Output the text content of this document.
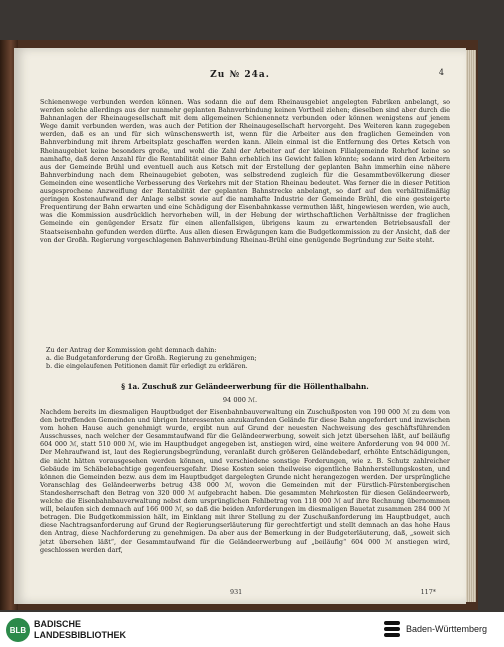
Zu № 24a.	4
Schienenwege verbunden werden können. Was sodann die auf dem Rheinausgebiet angelegten Fabriken anbelangt, so werden solche allerdings aus der nunmehr geplanten Bahnverbindung keinen Vortheil ziehen; dieselben sind aber durch die Bahnanlagen der Rheinaugesellschaft mit dem allgemeinen Schienennetz verbunden oder können wenigstens auf jenem Wege damit verbunden werden, was auch der Petition der Rheinaugesellschaft hervorgeht. Des Weiteren kann zugegeben werden, daß es an und für sich wünschenswerth ist, wenn für die Arbeiter aus den fraglichen Gemeinden von Bahnverbindung mit ihrem Arbeitsplatz geschaffen werden kann. Allein einmal ist die Entfernung des Ortes Ketsch von Rheinaugebiet keine besonders große, und wohl die Zahl der Arbeiter auf der kleinen Filialgemeinde Rohrhof keine so namhafte, daß deren Anzahl für die Rentabilität einer Bahn erheblich ins Gewicht fallen könnte; sodann wird den Arbeitern aus der Gemeinde Brühl und eventuell auch aus Ketsch mit der Erstellung der geplanten Bahn immerhin eine nähere Bahnverbindung nach dem Rheinaugebiet geboten, was selbstredend zugleich für die Gesammtbevölkerung dieser Gemeinden eine wesentliche Verbesserung des Verkehrs mit der Station Rheinau bedeutet. Was ferner die in dieser Petition ausgesprochene Anzweiflung der Rentabilität der geplanten Bahnstrecke anbelangt, so darf auf den verhältnißmäßig geringen Kostenaufwand der Anlage selbst sowie auf die namhafte Industrie der Gemeinde Brühl, die eine gesteigerte Frequentirung der Bahn erwarten und eine Schädigung der Eisenbahnkasse vermuthen läßt, hingewiesen werden, wie auch, was die Kommission ausdrücklich hervorheben will, in der Hebung der wirthschaftlichen Verhältnisse der fraglichen Gemeinde ein genügender Ersatz für einen allenfallsigen, übrigens kaum zu erwartenden Betriebsausfall der Staatseisenbahn gefunden werden dürfte. Aus allen diesen Erwägungen kam die Budgetkommission zu der Ansicht, daß der von der Großh. Regierung vorgeschlagenen Bahnverbindung Rheinau-Brühl eine genügende Begründung zur Seite steht.
Zu der Antrag der Kommission geht demnach dahin:
a. die Budgetanforderung der Großh. Regierung zu genehmigen;
b. die eingelaufenen Petitionen damit für erledigt zu erklären.
§ 1a. Zuschuß zur Geländeerwerbung für die Höllenthalbahn.
94 000 ℳ.
Nachdem bereits im diesmaligen Hauptbudget der Eisenbahnbauverwaltung ein Zuschußposten von 190 000 ℳ zu dem von den betreffenden Gemeinden und übrigen Interessenten anzukaufenden Gelände für diese Bahn angefordert und inzwischen vom hohen Hause auch genehmigt wurde, ergibt nun auf Grund der neuesten Nachweisung des geschäftsführenden Ausschusses, nach welcher der Gesammtaufwand für die Geländeerwerbung, soweit sich jetzt übersehen läßt, auf beiläufig 604 000 ℳ, statt 510 000 ℳ, wie im Hauptbudget angegeben ist, anstiegen wird, eine weitere Anforderung von 94 000 ℳ. Der Mehraufwand ist, laut des Regierungsbegründung, veranlaßt durch größeren Geländebedarf, erhöhte Entschädigungen, die nicht hätten vorausgesehen werden können, und verschiedene sonstige Forderungen, wie z. B. Schutz zahlreicher Gebäude im Schäbelebachtige gegenfeuersgefahr. Diese Kosten seien theilweise eigentliche Bahnherstellungskosten, und können die Gemeinden bezw. aus dem im Hauptbudget dargelegten Grunde nicht herangezogen werden. Der ursprüngliche Voranschlag des Geländeerwerbs betrug 438 000 ℳ, wovon die Gemeinden mit der Fürstlich-Fürstenbergischen Standesherrschaft den Betrag von 320 000 ℳ aufgebracht haben. Die gesammten Mehrkosten für diesen Geländeerwerb, welche die Eisenbahnbauverwaltung nebst dem ursprünglichen Fehlbetrag von 118 000 ℳ auf ihre Rechnung übernommen will, belaufen sich demnach auf 166 000 ℳ, so daß die beiden Anforderungen im diesmaligen Bauetat zusammen 284 000 ℳ betragen. Die Budgetkommission hält, im Einklang mit ihrer Stellung zu der Zuschußanforderung im Hauptbudget, auch diese Nachtragsanforderung auf Grund der Regierungserläuterung für gerechtfertigt und stellt demnach an das hohe Haus den Antrag, diese Nachforderung zu genehmigen. Da aber aus der Bemerkung in der Budgeterläuterung, daß, „soweit sich jetzt übersehen läßt“, der Gesammtaufwand für die Geländeerwerbung auf „beiläufig“ 604 000 ℳ anstiegen wird, geschlossen werden darf,
931	117*
BLB
BADISCHE
LANDESBIBLIOTHEK
Baden-Württemberg
